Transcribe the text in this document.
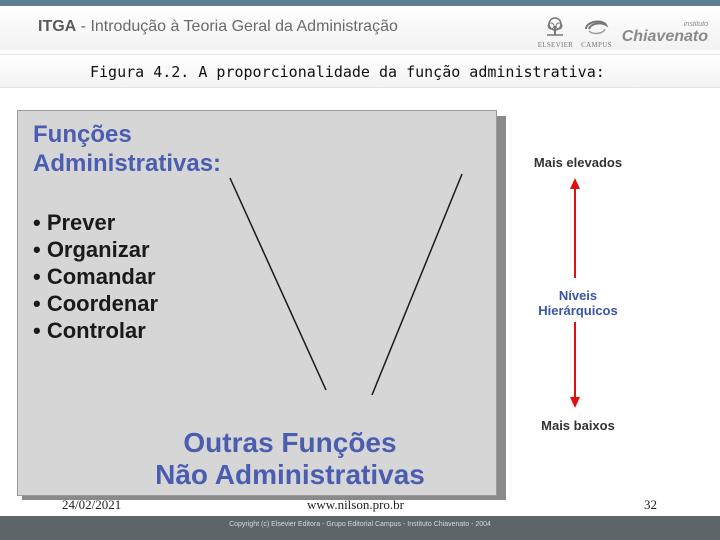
ITGA - Introdução à Teoria Geral da Administração
ELSEVIER CAMPUS
instituto
Chiavenato
Figura 4.2. A proporcionalidade da função administrativa:
Funções
Administrativas:
• Prever
• Organizar
• Comandar
• Coordenar
• Controlar
Outras Funções
Não Administrativas
Mais elevados
Níveis
Hierárquicos
Mais baixos
24/02/2021	www.nilson.pro.br	32
Copyright (c) Elsevier Editora - Grupo Editorial Campus - Instituto Chiavenato - 2004
